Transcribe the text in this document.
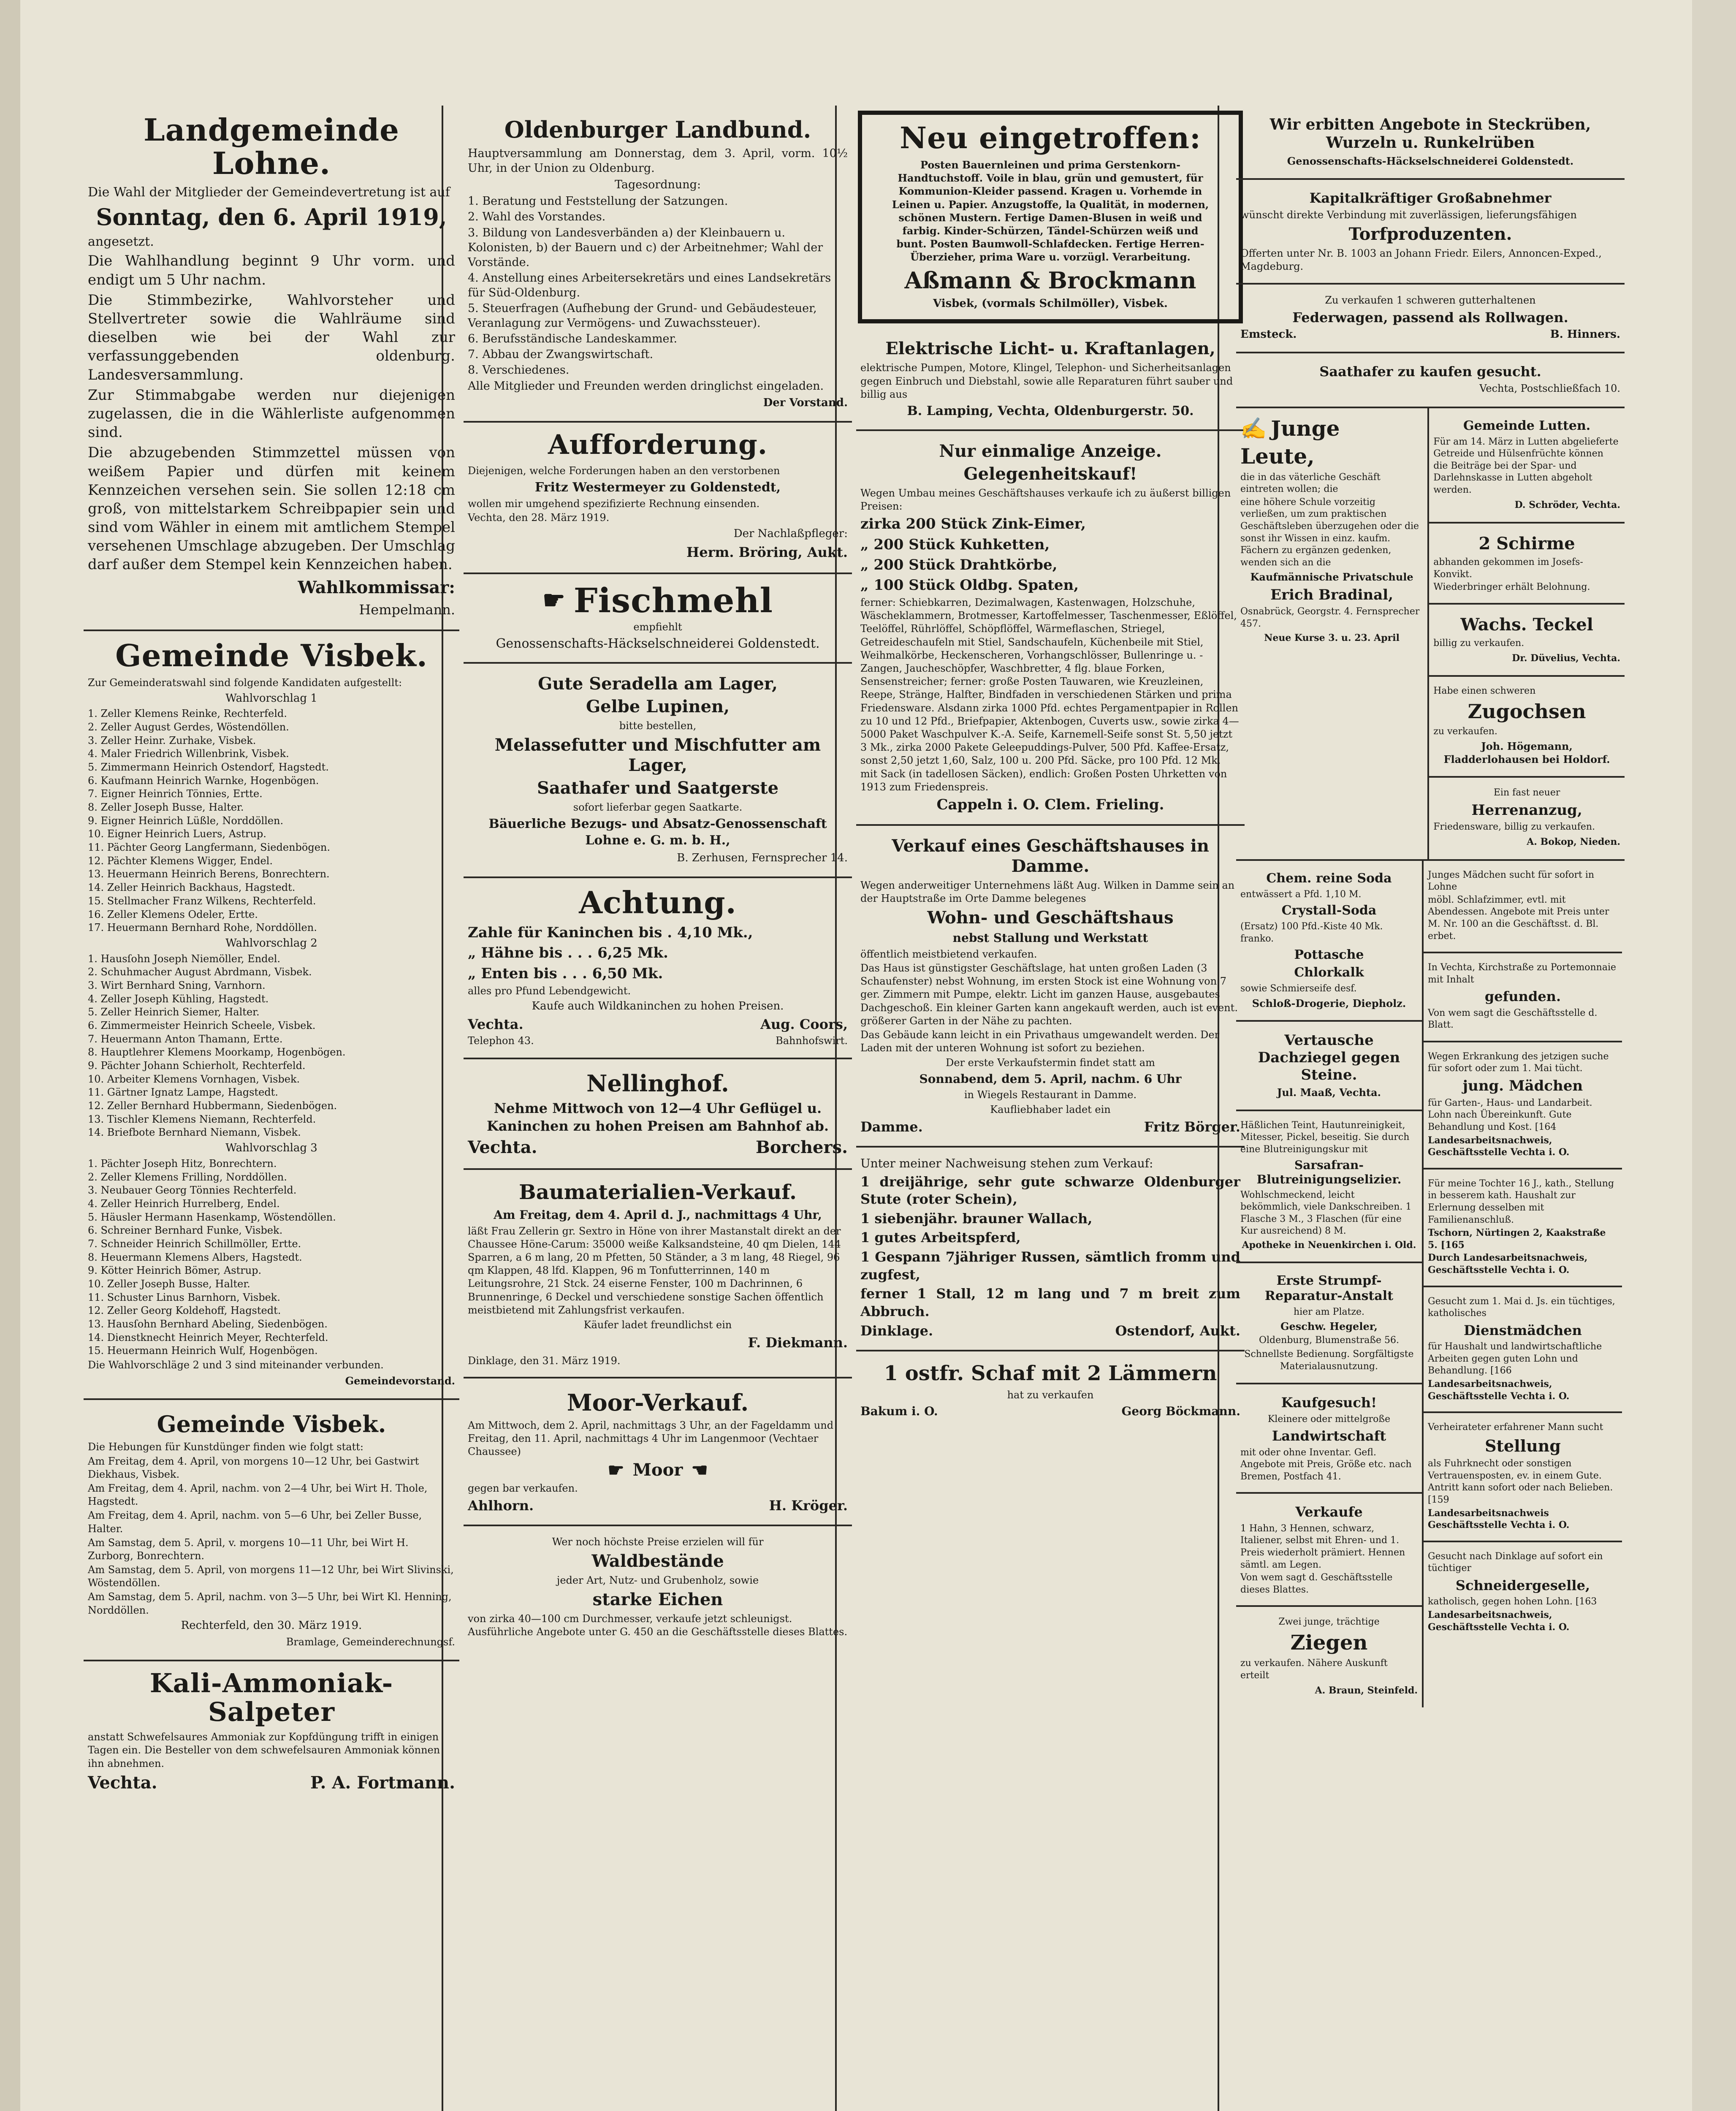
Landgemeinde Lohne.
Die Wahl der Mitglieder der Gemeindevertretung ist auf
Sonntag, den 6. April 1919,
angesetzt.
Die Wahlhandlung beginnt 9 Uhr vorm. und endigt um 5 Uhr nachm.
Die Stimmbezirke, Wahlvorsteher und Stellvertreter sowie die Wahlräume sind dieselben wie bei der Wahl zur verfassunggebenden oldenburg. Landesversammlung.
Zur Stimmabgabe werden nur diejenigen zugelassen, die in die Wählerliste aufgenommen sind.
Die abzugebenden Stimmzettel müssen von weißem Papier und dürfen mit keinem Kennzeichen versehen sein. Sie sollen 12:18 cm groß, von mittelstarkem Schreibpapier sein und sind vom Wähler in einem mit amtlichem Stempel versehenen Umschlage abzugeben. Der Umschlag darf außer dem Stempel kein Kennzeichen haben.
Wahlkommissar:
Hempelmann.
Gemeinde Visbek.
Zur Gemeinderatswahl sind folgende Kandidaten aufgestellt:
Wahlvorschlag 1
1. Zeller Klemens Reinke, Rechterfeld.
2. Zeller August Gerdes, Wöstendöllen.
3. Zeller Heinr. Zurhake, Visbek.
4. Maler Friedrich Willenbrink, Visbek.
5. Zimmermann Heinrich Ostendorf, Hagstedt.
6. Kaufmann Heinrich Warnke, Hogenbögen.
7. Eigner Heinrich Tönnies, Ertte.
8. Zeller Joseph Busse, Halter.
9. Eigner Heinrich Lüßle, Norddöllen.
10. Eigner Heinrich Luers, Astrup.
11. Pächter Georg Langfermann, Siedenbögen.
12. Pächter Klemens Wigger, Endel.
13. Heuermann Heinrich Berens, Bonrechtern.
14. Zeller Heinrich Backhaus, Hagstedt.
15. Stellmacher Franz Wilkens, Rechterfeld.
16. Zeller Klemens Odeler, Ertte.
17. Heuermann Bernhard Rohe, Norddöllen.
Wahlvorschlag 2
1. Hausſohn Joseph Niemöller, Endel.
2. Schuhmacher August Abrdmann, Visbek.
3. Wirt Bernhard Sning, Varnhorn.
4. Zeller Joseph Kühling, Hagstedt.
5. Zeller Heinrich Siemer, Halter.
6. Zimmermeister Heinrich Scheele, Visbek.
7. Heuermann Anton Thamann, Ertte.
8. Hauptlehrer Klemens Moorkamp, Hogenbögen.
9. Pächter Johann Schierholt, Rechterfeld.
10. Arbeiter Klemens Vornhagen, Visbek.
11. Gärtner Ignatz Lampe, Hagstedt.
12. Zeller Bernhard Hubbermann, Siedenbögen.
13. Tischler Klemens Niemann, Rechterfeld.
14. Briefbote Bernhard Niemann, Visbek.
Wahlvorschlag 3
1. Pächter Joseph Hitz, Bonrechtern.
2. Zeller Klemens Frilling, Norddöllen.
3. Neubauer Georg Tönnies Rechterfeld.
4. Zeller Heinrich Hurrelberg, Endel.
5. Häusler Hermann Hasenkamp, Wöstendöllen.
6. Schreiner Bernhard Funke, Visbek.
7. Schneider Heinrich Schillmöller, Ertte.
8. Heuermann Klemens Albers, Hagstedt.
9. Kötter Heinrich Bömer, Astrup.
10. Zeller Joseph Busse, Halter.
11. Schuster Linus Barnhorn, Visbek.
12. Zeller Georg Koldehoff, Hagstedt.
13. Hausſohn Bernhard Abeling, Siedenbögen.
14. Dienstknecht Heinrich Meyer, Rechterfeld.
15. Heuermann Heinrich Wulf, Hogenbögen.
Die Wahlvorschläge 2 und 3 sind miteinander verbunden.
Gemeindevorstand.
Gemeinde Visbek.
Die Hebungen für Kunstdünger finden wie folgt statt:
Am Freitag, dem 4. April, von morgens 10—12 Uhr, bei Gastwirt Diekhaus, Visbek.
Am Freitag, dem 4. April, nachm. von 2—4 Uhr, bei Wirt H. Thole, Hagstedt.
Am Freitag, dem 4. April, nachm. von 5—6 Uhr, bei Zeller Busse, Halter.
Am Samstag, dem 5. April, v. morgens 10—11 Uhr, bei Wirt H. Zurborg, Bonrechtern.
Am Samstag, dem 5. April, von morgens 11—12 Uhr, bei Wirt Slivinski, Wöstendöllen.
Am Samstag, dem 5. April, nachm. von 3—5 Uhr, bei Wirt Kl. Henning, Norddöllen.
Rechterfeld, den 30. März 1919.
Bramlage, Gemeinderechnungsf.
Kali-Ammoniak-Salpeter
anstatt Schwefelsaures Ammoniak zur Kopfdüngung trifft in einigen Tagen ein. Die Besteller von dem schwefelsauren Ammoniak können ihn abnehmen.
Vechta.	P. A. Fortmann.
Oldenburger Landbund.
Hauptversammlung am Donnerstag, dem 3. April, vorm. 10½ Uhr, in der Union zu Oldenburg.
Tagesordnung:
1. Beratung und Feststellung der Satzungen.
2. Wahl des Vorstandes.
3. Bildung von Landesverbänden a) der Kleinbauern u. Kolonisten, b) der Bauern und c) der Arbeitnehmer; Wahl der Vorstände.
4. Anstellung eines Arbeitersekretärs und eines Landsekretärs für Süd-Oldenburg.
5. Steuerfragen (Aufhebung der Grund- und Gebäudesteuer, Veranlagung zur Vermögens- und Zuwachssteuer).
6. Berufsständische Landeskammer.
7. Abbau der Zwangswirtschaft.
8. Verschiedenes.
Alle Mitglieder und Freunden werden dringlichst eingeladen.
Der Vorstand.
Aufforderung.
Diejenigen, welche Forderungen haben an den verstorbenen
Fritz Westermeyer zu Goldenstedt,
wollen mir umgehend spezifizierte Rechnung einsenden.
Vechta, den 28. März 1919.
Der Nachlaßpfleger:
Herm. Bröring, Aukt.
☛ Fischmehl
empfiehlt
Genossenschafts-Häckselschneiderei Goldenstedt.
Gute Seradella am Lager,
Gelbe Lupinen,
bitte bestellen,
Melassefutter und Mischfutter am Lager,
Saathafer und Saatgerste
sofort lieferbar gegen Saatkarte.
Bäuerliche Bezugs- und Absatz-Genossenschaft Lohne e. G. m. b. H.,
B. Zerhusen, Fernsprecher 14.
Achtung.
Zahle für Kaninchen bis . 4,10 Mk.,
„ Hähne bis . . . 6,25 Mk.
„ Enten bis . . . 6,50 Mk.
alles pro Pfund Lebendgewicht.
Kaufe auch Wildkaninchen zu hohen Preisen.
Vechta.	Aug. Coors,
Telephon 43.	Bahnhofswirt.
Nellinghof.
Nehme Mittwoch von 12—4 Uhr Geflügel u. Kaninchen zu hohen Preisen am Bahnhof ab.
Vechta.	Borchers.
Baumaterialien-Verkauf.
Am Freitag, dem 4. April d. J., nachmittags 4 Uhr,
läßt Frau Zellerin gr. Sextro in Höne von ihrer Mastanstalt direkt an der Chaussee Höne-Carum: 35000 weiße Kalksandsteine, 40 qm Dielen, 144 Sparren, a 6 m lang, 20 m Pfetten, 50 Ständer, a 3 m lang, 48 Riegel, 96 qm Klappen, 48 lfd. Klappen, 96 m Tonfutterrinnen, 140 m Leitungsrohre, 21 Stck. 24 eiserne Fenster, 100 m Dachrinnen, 6 Brunnenringe, 6 Deckel und verschiedene sonstige Sachen öffentlich meistbietend mit Zahlungsfrist verkaufen.
Käufer ladet freundlichst ein
F. Diekmann.
Dinklage, den 31. März 1919.
Moor-Verkauf.
Am Mittwoch, dem 2. April, nachmittags 3 Uhr, an der Fageldamm und Freitag, den 11. April, nachmittags 4 Uhr im Langenmoor (Vechtaer Chaussee)
☛ Moor ☚
gegen bar verkaufen.
Ahlhorn.	H. Kröger.
Wer noch höchste Preise erzielen will für
Waldbestände
jeder Art, Nutz- und Grubenholz, sowie
starke Eichen
von zirka 40—100 cm Durchmesser, verkaufe jetzt schleunigst. Ausführliche Angebote unter G. 450 an die Geschäftsstelle dieses Blattes.
Neu eingetroffen:
Posten Bauernleinen und prima Gerstenkorn-Handtuchstoff. Voile in blau, grün und gemustert, für Kommunion-Kleider passend. Kragen u. Vorhemde in Leinen u. Papier. Anzugstoffe, la Qualität, in modernen, schönen Mustern. Fertige Damen-Blusen in weiß und farbig. Kinder-Schürzen, Tändel-Schürzen weiß und bunt. Posten Baumwoll-Schlafdecken. Fertige Herren-Überzieher, prima Ware u. vorzügl. Verarbeitung.
Aßmann & Brockmann
Visbek, (vormals Schilmöller), Visbek.
Elektrische Licht- u. Kraftanlagen,
elektrische Pumpen, Motore, Klingel, Telephon- und Sicherheitsanlagen gegen Einbruch und Diebstahl, sowie alle Reparaturen führt sauber und billig aus
B. Lamping, Vechta, Oldenburgerstr. 50.
Nur einmalige Anzeige.
Gelegenheitskauf!
Wegen Umbau meines Geschäftshauses verkaufe ich zu äußerst billigen Preisen:
zirka 200 Stück Zink-Eimer,
„ 200 Stück Kuhketten,
„ 200 Stück Drahtkörbe,
„ 100 Stück Oldbg. Spaten,
ferner: Schiebkarren, Dezimalwagen, Kastenwagen, Holzschuhe, Wäscheklammern, Brotmesser, Kartoffelmesser, Taschenmesser, Eßlöffel, Teelöffel, Rührlöffel, Schöpflöffel, Wärmeflaschen, Striegel, Getreideschaufeln mit Stiel, Sandschaufeln, Küchenbeile mit Stiel, Weihmalkörbe, Heckenscheren, Vorhangschlösser, Bullenringe u. -Zangen, Jaucheschöpfer, Waschbretter, 4 flg. blaue Forken, Sensenstreicher; ferner: große Posten Tauwaren, wie Kreuzleinen, Reepe, Stränge, Halfter, Bindfaden in verschiedenen Stärken und prima Friedensware. Alsdann zirka 1000 Pfd. echtes Pergamentpapier in Rollen zu 10 und 12 Pfd., Briefpapier, Aktenbogen, Cuverts usw., sowie zirka 4—5000 Paket Waschpulver K.-A. Seife, Karnemell-Seife sonst St. 5,50 jetzt 3 Mk., zirka 2000 Pakete Geleepuddings-Pulver, 500 Pfd. Kaffee-Ersatz, sonst 2,50 jetzt 1,60, Salz, 100 u. 200 Pfd. Säcke, pro 100 Pfd. 12 Mk. mit Sack (in tadellosen Säcken), endlich: Großen Posten Uhrketten von 1913 zum Friedenspreis.
Cappeln i. O. Clem. Frieling.
Verkauf eines Geschäftshauses in Damme.
Wegen anderweitiger Unternehmens läßt Aug. Wilken in Damme sein an der Hauptstraße im Orte Damme belegenes
Wohn- und Geschäftshaus
nebst Stallung und Werkstatt
öffentlich meistbietend verkaufen.
Das Haus ist günstigster Geschäftslage, hat unten großen Laden (3 Schaufenster) nebst Wohnung, im ersten Stock ist eine Wohnung von 7 ger. Zimmern mit Pumpe, elektr. Licht im ganzen Hause, ausgebautes Dachgeschoß. Ein kleiner Garten kann angekauft werden, auch ist event. größerer Garten in der Nähe zu pachten.
Das Gebäude kann leicht in ein Privathaus umgewandelt werden. Der Laden mit der unteren Wohnung ist sofort zu beziehen.
Der erste Verkaufstermin findet statt am
Sonnabend, dem 5. April, nachm. 6 Uhr
in Wiegels Restaurant in Damme.
Kaufliebhaber ladet ein
Damme.	Fritz Börger.
Unter meiner Nachweisung stehen zum Verkauf:
1 dreijährige, sehr gute schwarze Oldenburger Stute (roter Schein),
1 siebenjähr. brauner Wallach,
1 gutes Arbeitspferd,
1 Gespann 7jähriger Russen, sämtlich fromm und zugfest,
ferner 1 Stall, 12 m lang und 7 m breit zum Abbruch.
Dinklage.	Ostendorf, Aukt.
1 ostfr. Schaf mit 2 Lämmern
hat zu verkaufen
Bakum i. O.	Georg Böckmann.
Wir erbitten Angebote in Steckrüben, Wurzeln u. Runkelrüben
Genossenschafts-Häckselschneiderei Goldenstedt.
Kapitalkräftiger Großabnehmer
wünscht direkte Verbindung mit zuverlässigen, lieferungsfähigen
Torfproduzenten.
Offerten unter Nr. B. 1003 an Johann Friedr. Eilers, Annoncen-Exped., Magdeburg.
Zu verkaufen 1 schweren gutterhaltenen
Federwagen, passend als Rollwagen.
Emsteck.	B. Hinners.
Saathafer zu kaufen gesucht.
Vechta, Postschließfach 10.
✍ Junge
Leute,
die in das väterliche Geschäft eintreten wollen; die
eine höhere Schule vorzeitig verließen, um zum praktischen Geschäftsleben überzugehen oder die sonst ihr Wissen in einz. kaufm. Fächern zu ergänzen gedenken, wenden sich an die
Kaufmännische Privatschule
Erich Bradinal,
Osnabrück, Georgstr. 4. Fernsprecher 457.
Neue Kurse 3. u. 23. April
Gemeinde Lutten.
Für am 14. März in Lutten abgelieferte Getreide und Hülsenfrüchte können die Beiträge bei der Spar- und Darlehnskasse in Lutten abgeholt werden.
D. Schröder, Vechta.
2 Schirme
abhanden gekommen im Josefs-Konvikt.
Wiederbringer erhält Belohnung.
Wachs. Teckel
billig zu verkaufen.
Dr. Düvelius, Vechta.
Habe einen schweren
Zugochsen
zu verkaufen.
Joh. Högemann, Fladderlohausen bei Holdorf.
Ein fast neuer
Herrenanzug,
Friedensware, billig zu verkaufen.
A. Bokop, Nieden.
Chem. reine Soda
entwässert a Pfd. 1,10 M.
Crystall-Soda
(Ersatz) 100 Pfd.-Kiste 40 Mk. franko.
Pottasche
Chlorkalk
sowie Schmierseife desf.
Schloß-Drogerie, Diepholz.
Vertausche Dachziegel gegen Steine.
Jul. Maaß, Vechta.
Häßlichen Teint, Hautunreinigkeit, Mitesser, Pickel, beseitig. Sie durch eine Blutreinigungskur mit
Sarsafran-Blutreinigungselizier.
Wohlschmeckend, leicht bekömmlich, viele Dankschreiben. 1 Flasche 3 M., 3 Flaschen (für eine Kur ausreichend) 8 M.
Apotheke in Neuenkirchen i. Old.
Erste Strumpf-Reparatur-Anstalt
hier am Platze.
Geschw. Hegeler,
Oldenburg, Blumenstraße 56.
Schnellste Bedienung. Sorgfältigste Materialausnutzung.
Kaufgesuch!
Kleinere oder mittelgroße
Landwirtschaft
mit oder ohne Inventar. Gefl. Angebote mit Preis, Größe etc. nach Bremen, Postfach 41.
Verkaufe
1 Hahn, 3 Hennen, schwarz, Italiener, selbst mit Ehren- und 1. Preis wiederholt prämiert. Hennen sämtl. am Legen.
Von wem sagt d. Geschäftsstelle dieses Blattes.
Zwei junge, trächtige
Ziegen
zu verkaufen. Nähere Auskunft erteilt
A. Braun, Steinfeld.
Junges Mädchen sucht für sofort in Lohne
möbl. Schlafzimmer, evtl. mit Abendessen. Angebote mit Preis unter M. Nr. 100 an die Geschäftsst. d. Bl. erbet.
In Vechta, Kirchstraße zu Portemonnaie mit Inhalt
gefunden.
Von wem sagt die Geschäftsstelle d. Blatt.
Wegen Erkrankung des jetzigen suche für sofort oder zum 1. Mai tücht.
jung. Mädchen
für Garten-, Haus- und Landarbeit. Lohn nach Übereinkunft. Gute Behandlung und Kost. [164
Landesarbeitsnachweis, Geschäftsstelle Vechta i. O.
Für meine Tochter 16 J., kath., Stellung in besserem kath. Haushalt zur Erlernung desselben mit Familienanschluß.
Tschorn, Nürtingen 2, Kaakstraße 5. [165
Durch Landesarbeitsnachweis, Geschäftsstelle Vechta i. O.
Gesucht zum 1. Mai d. Js. ein tüchtiges, katholisches
Dienstmädchen
für Haushalt und landwirtschaftliche Arbeiten gegen guten Lohn und Behandlung. [166
Landesarbeitsnachweis, Geschäftsstelle Vechta i. O.
Verheirateter erfahrener Mann sucht
Stellung
als Fuhrknecht oder sonstigen Vertrauensposten, ev. in einem Gute. Antritt kann sofort oder nach Belieben. [159
Landesarbeitsnachweis Geschäftsstelle Vechta i. O.
Gesucht nach Dinklage auf sofort ein tüchtiger
Schneidergeselle,
katholisch, gegen hohen Lohn. [163
Landesarbeitsnachweis, Geschäftsstelle Vechta i. O.
